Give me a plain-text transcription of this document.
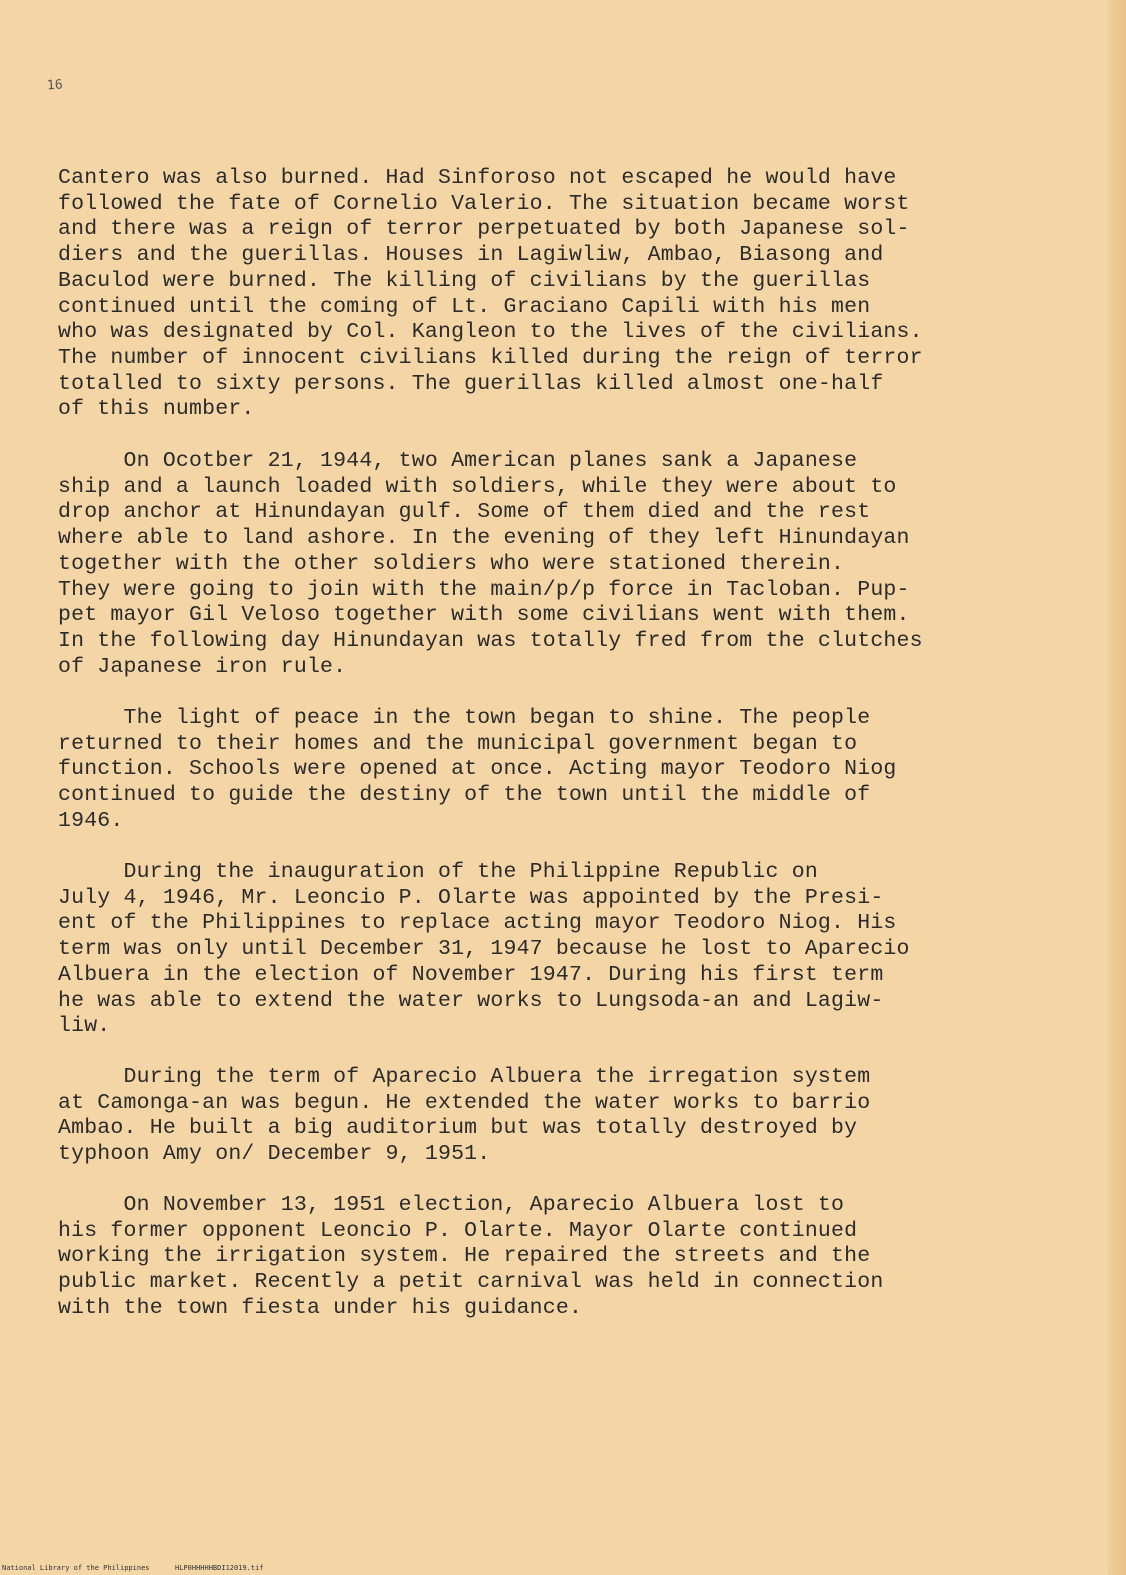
16

Cantero was also burned. Had Sinforoso not escaped he would have
followed the fate of Cornelio Valerio. The situation became worst
and there was a reign of terror perpetuated by both Japanese sol-
diers and the guerillas. Houses in Lagiwliw, Ambao, Biasong and
Baculod were burned. The killing of civilians by the guerillas
continued until the coming of Lt. Graciano Capili with his men
who was designated by Col. Kangleon to the lives of the civilians.
The number of innocent civilians killed during the reign of terror
totalled to sixty persons. The guerillas killed almost one-half
of this number.

On Ocotber 21, 1944, two American planes sank a Japanese
ship and a launch loaded with soldiers, while they were about to
drop anchor at Hinundayan gulf. Some of them died and the rest
where able to land ashore. In the evening of they left Hinundayan
together with the other soldiers who were stationed therein.
They were going to join with the main/p/p force in Tacloban. Pup-
pet mayor Gil Veloso together with some civilians went with them.
In the following day Hinundayan was totally fred from the clutches
of Japanese iron rule.

The light of peace in the town began to shine. The people
returned to their homes and the municipal government began to
function. Schools were opened at once. Acting mayor Teodoro Niog
continued to guide the destiny of the town until the middle of
1946.

During the inauguration of the Philippine Republic on
July 4, 1946, Mr. Leoncio P. Olarte was appointed by the Presi-
ent of the Philippines to replace acting mayor Teodoro Niog. His
term was only until December 31, 1947 because he lost to Aparecio
Albuera in the election of November 1947. During his first term
he was able to extend the water works to Lungsoda-an and Lagiw-
liw.

During the term of Aparecio Albuera the irregation system
at Camonga-an was begun. He extended the water works to barrio
Ambao. He built a big auditorium but was totally destroyed by
typhoon Amy on/ December 9, 1951.

On November 13, 1951 election, Aparecio Albuera lost to
his former opponent Leoncio P. Olarte. Mayor Olarte continued
working the irrigation system. He repaired the streets and the
public market. Recently a petit carnival was held in connection
with the town fiesta under his guidance.

National Library of the Philippines	HLP0HHHHHBDI12019.tif
